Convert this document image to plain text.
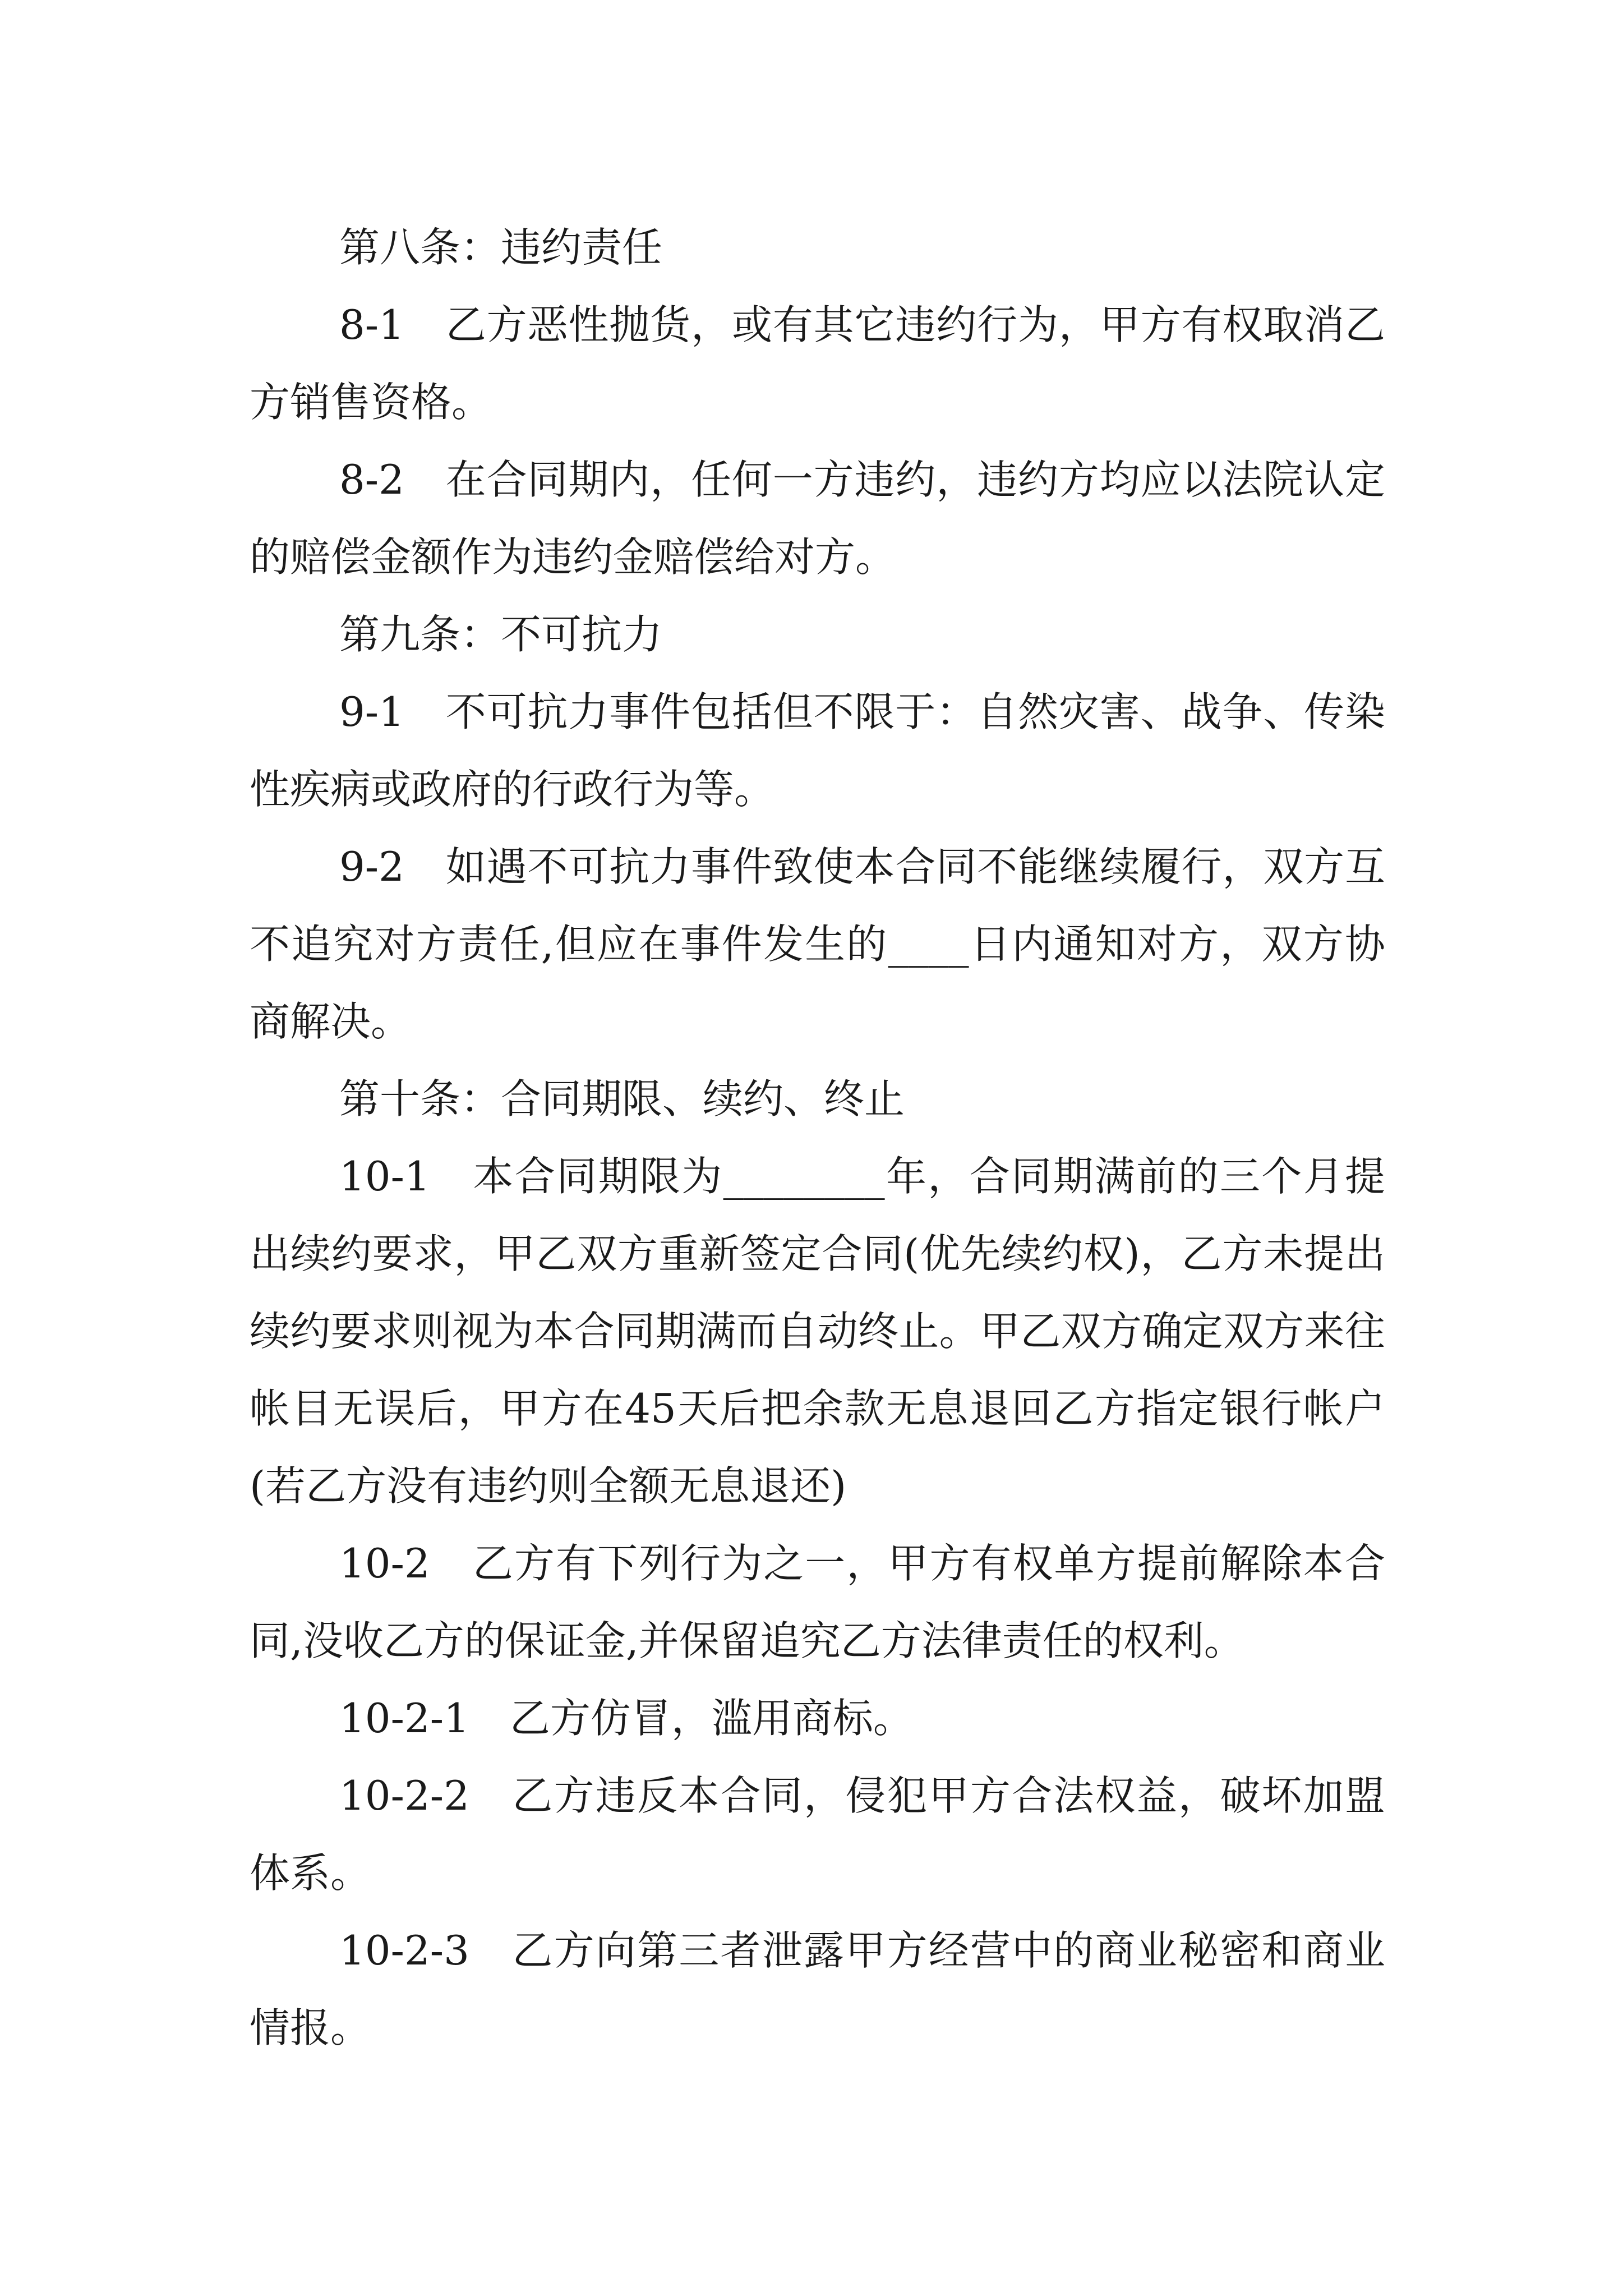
第八条：违约责任

8-1　乙方恶性抛货，或有其它违约行为，甲方有权取消乙方销售资格。

8-2　在合同期内，任何一方违约，违约方均应以法院认定的赔偿金额作为违约金赔偿给对方。

第九条：不可抗力

9-1　不可抗力事件包括但不限于：自然灾害、战争、传染性疾病或政府的行政行为等。

9-2　如遇不可抗力事件致使本合同不能继续履行，双方互不追究对方责任,但应在事件发生的____日内通知对方，双方协商解决。

第十条：合同期限、续约、终止

10-1　本合同期限为________年，合同期满前的三个月提出续约要求，甲乙双方重新签定合同(优先续约权)，乙方未提出续约要求则视为本合同期满而自动终止。甲乙双方确定双方来往帐目无误后，甲方在45天后把余款无息退回乙方指定银行帐户(若乙方没有违约则全额无息退还)

10-2　乙方有下列行为之一，甲方有权单方提前解除本合同,没收乙方的保证金,并保留追究乙方法律责任的权利。

10-2-1　乙方仿冒，滥用商标。

10-2-2　乙方违反本合同，侵犯甲方合法权益，破坏加盟体系。

10-2-3　乙方向第三者泄露甲方经营中的商业秘密和商业情报。
